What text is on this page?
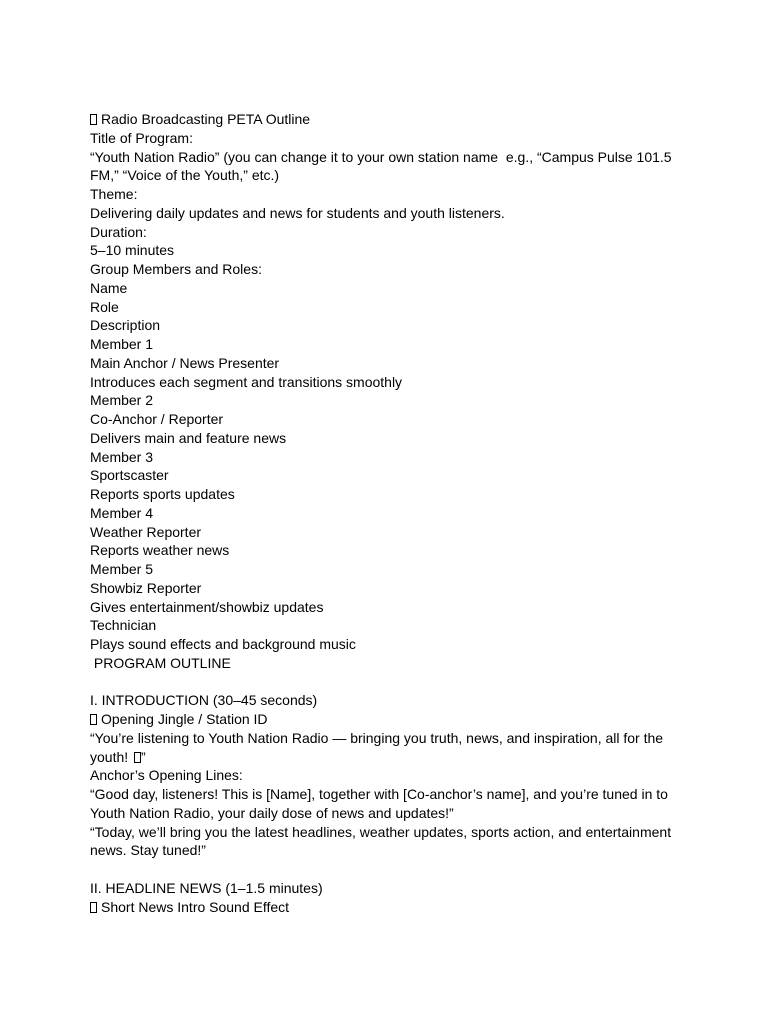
Radio Broadcasting PETA Outline

Title of Program:

“Youth Nation Radio” (you can change it to your own station name  e.g., “Campus Pulse 101.5

FM,” “Voice of the Youth,” etc.)

Theme:

Delivering daily updates and news for students and youth listeners.

Duration:

5–10 minutes

Group Members and Roles:

Name

Role

Description

Member 1

Main Anchor / News Presenter

Introduces each segment and transitions smoothly

Member 2

Co-Anchor / Reporter

Delivers main and feature news

Member 3

Sportscaster

Reports sports updates

Member 4

Weather Reporter

Reports weather news

Member 5

Showbiz Reporter

Gives entertainment/showbiz updates

Technician

Plays sound effects and background music

PROGRAM OUTLINE

I. INTRODUCTION (30–45 seconds)

Opening Jingle / Station ID

“You’re listening to Youth Nation Radio — bringing you truth, news, and inspiration, all for the

youth! ”

Anchor’s Opening Lines:

“Good day, listeners! This is [Name], together with [Co-anchor’s name], and you’re tuned in to

Youth Nation Radio, your daily dose of news and updates!”

“Today, we’ll bring you the latest headlines, weather updates, sports action, and entertainment

news. Stay tuned!”

II. HEADLINE NEWS (1–1.5 minutes)

Short News Intro Sound Effect
